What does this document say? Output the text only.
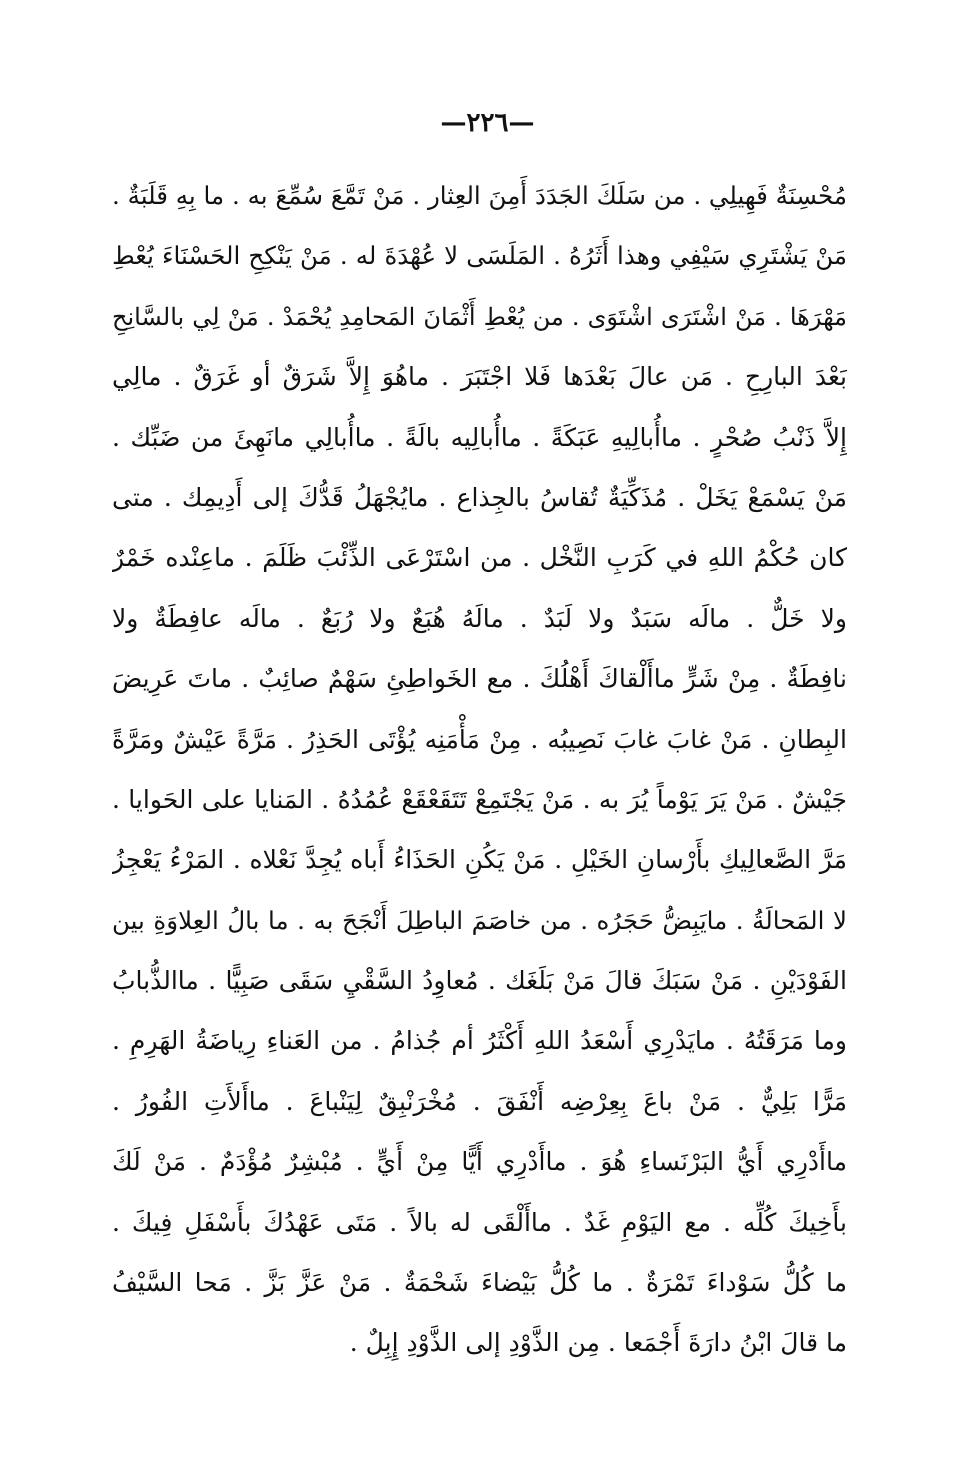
—٢٢٦—
مُحْسِنَةٌ فَهِيلِي . من سَلَكَ الجَدَدَ أَمِنَ العِثار . مَنْ تَمَّعَ سُمِّعَ به . ما بِهِ قَلَبَةٌ .
مَنْ يَشْتَرِي سَيْفِي وهذا أَثَرُهُ . المَلَسَى لا عُهْدَةَ له . مَنْ يَنْكِحِ الحَسْنَاءَ يُعْطِ
مَهْرَهَا . مَنْ اشْتَرَى اشْتَوَى . من يُعْطِ أَثْمَانَ المَحامِدِ يُحْمَدْ . مَنْ لِي بالسَّانِحِ
بَعْدَ البارِحِ . مَن عالَ بَعْدَها فَلا اجْتَبَرَ . ماهُوَ إِلاَّ شَرَقٌ أو غَرَقٌ . مالِي
إِلاَّ ذَنْبُ صُحْرٍ . ماأُبالِيهِ عَبَكَةً . ماأُبالِيه بالَةً . ماأُبالِي مانَهِئَ من ضَبِّك .
مَنْ يَسْمَعْ يَخَلْ . مُذَكِّيَةٌ تُقاسُ بالجِذاع . مايُجْهَلُ قَدُّكَ إلى أَدِيمِك . متى
كان حُكْمُ اللهِ في كَرَبِ النَّخْل . من اسْتَرْعَى الذِّئْبَ ظَلَمَ . ماعِنْده خَمْرٌ
ولا خَلٌّ . مالَه سَبَدٌ ولا لَبَدٌ . مالَهُ هُبَعٌ ولا رُبَعٌ . مالَه عافِطَةٌ ولا
نافِطَةٌ . مِنْ شَرٍّ ماأَلْقاكَ أَهْلُكَ . مع الخَواطِئِ سَهْمٌ صائِبٌ . ماتَ عَرِيضَ
البِطانِ . مَنْ غابَ غابَ نَصِيبُه . مِنْ مَأْمَنِه يُؤْتَى الحَذِرُ . مَرَّةً عَيْشٌ ومَرَّةً
جَيْشٌ . مَنْ يَرَ يَوْماً يُرَ به . مَنْ يَجْتَمِعْ تَتَقَعْقَعْ عُمُدُهُ . المَنايا على الحَوايا .
مَرَّ الصَّعالِيكِ بأَرْسانِ الخَيْلِ . مَنْ يَكُنِ الحَذَاءُ أَباه يُجِدَّ نَعْلاه . المَرْءُ يَعْجِزُ
لا المَحالَةُ . مايَبِضُّ حَجَرُه . من خاصَمَ الباطِلَ أَنْجَحَ به . ما بالُ العِلاوَةِ بين
الفَوْدَيْنِ . مَنْ سَبَكَ قالَ مَنْ بَلَغَك . مُعاوِدُ السَّقْيِ سَقَى صَبِيًّا . ماالذُّبابُ
وما مَرَقَتُهُ . مايَدْرِي أَسْعَدُ اللهِ أَكْثَرُ أم جُذامُ . من العَناءِ رِياضَةُ الهَرِمِ .
مَرًّا بَلِيٌّ . مَنْ باعَ بِعِرْضِه أَنْفَقَ . مُخْرَنْبِقٌ لِيَنْباعَ . ماأَلأَتِ الفُورُ .
ماأَدْرِي أَيُّ البَرْنَساءِ هُوَ . ماأَدْرِي أَيًّا مِنْ أَيٍّ . مُبْشِرٌ مُؤْدَمٌ . مَنْ لَكَ
بأَخِيكَ كُلِّه . مع اليَوْمِ غَدٌ . ماأَلْقَى له بالاً . مَتَى عَهْدُكَ بأَسْفَلِ فِيكَ .
ما كُلُّ سَوْداءَ تَمْرَةٌ . ما كُلُّ بَيْضاءَ شَحْمَةٌ . مَنْ عَزَّ بَزَّ . مَحا السَّيْفُ
ما قالَ ابْنُ دارَةَ أَجْمَعا . مِن الذَّوْدِ إلى الذَّوْدِ إِبِلٌ .
